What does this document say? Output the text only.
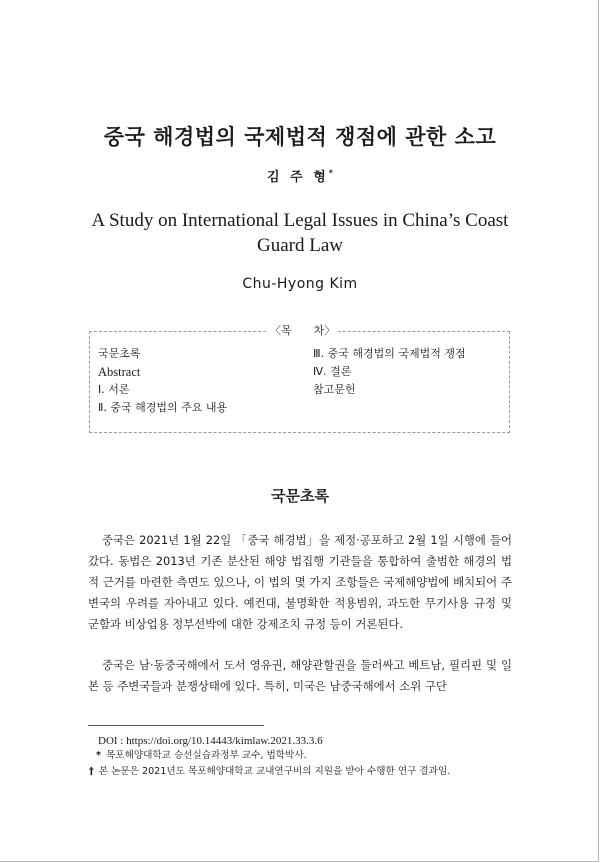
중국 해경법의 국제법적 쟁점에 관한 소고
김 주 형*
A Study on International Legal Issues in China’s Coast Guard Law
Chu-Hyong Kim
〈목　　차〉
국문초록
Abstract
Ⅰ. 서론
Ⅱ. 중국 해경법의 주요 내용
Ⅲ. 중국 해경법의 국제법적 쟁점
Ⅳ. 결론
참고문헌
국문초록

중국은 2021년 1월 22일 「중국 해경법」을 제정·공포하고 2월 1일 시행에 들어갔다. 동법은 2013년 기존 분산된 해양 법집행 기관들을 통합하여 출범한 해경의 법적 근거를 마련한 측면도 있으나, 이 법의 몇 가지 조항들은 국제해양법에 배치되어 주변국의 우려를 자아내고 있다. 예컨대, 불명확한 적용범위, 과도한 무기사용 규정 및 군함과 비상업용 정부선박에 대한 강제조치 규정 등이 거론된다.

중국은 남·동중국해에서 도서 영유권, 해양관할권을 둘러싸고 베트남, 필리핀 및 일본 등 주변국들과 분쟁상태에 있다. 특히, 미국은 남중국해에서 소위 구단

DOI : https://doi.org/10.14443/kimlaw.2021.33.3.6
* 목포해양대학교 승선실습과정부 교수, 법학박사.
† 본 논문은 2021년도 목포해양대학교 교내연구비의 지원을 받아 수행한 연구 결과임.
